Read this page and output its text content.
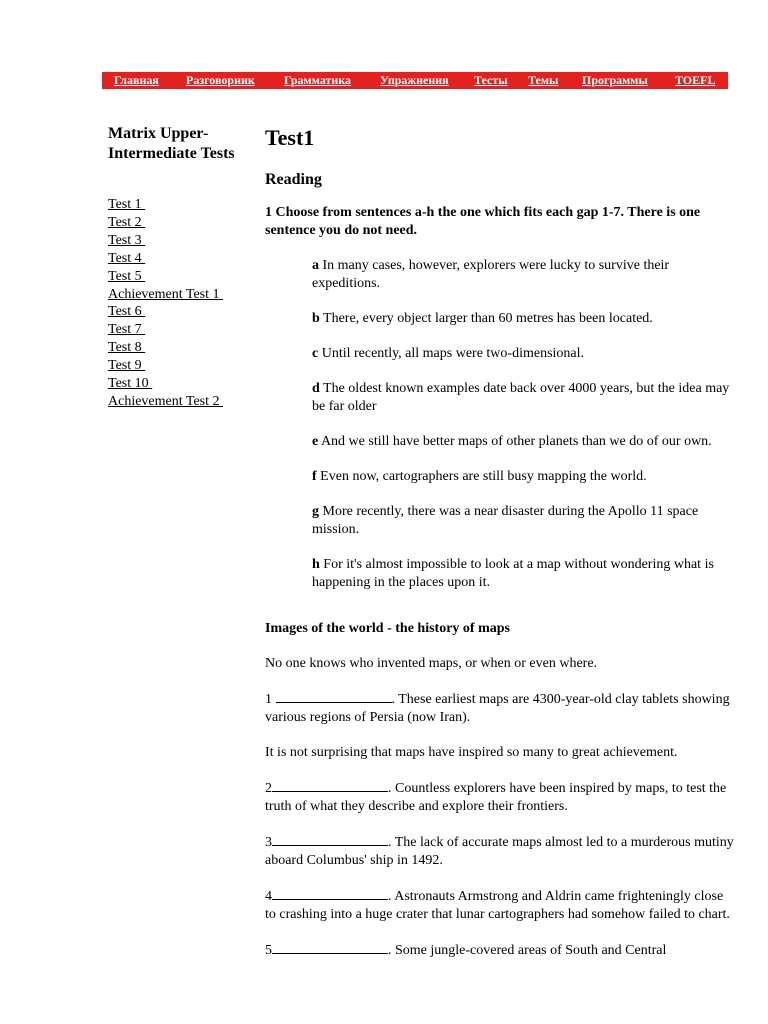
Главная Разговорник Грамматика Упражнения Тесты Темы Программы TOEFL
Matrix Upper-Intermediate Tests
Test 1
Test 2
Test 3
Test 4
Test 5
Achievement Test 1
Test 6
Test 7
Test 8
Test 9
Test 10
Achievement Test 2
Test1
Reading

1 Choose from sentences a-h the one which fits each gap 1-7. There is one sentence you do not need.

a In many cases, however, explorers were lucky to survive their expeditions.

b There, every object larger than 60 metres has been located.

c Until recently, all maps were two-dimensional.

d The oldest known examples date back over 4000 years, but the idea may be far older

e And we still have better maps of other planets than we do of our own.

f Even now, cartographers are still busy mapping the world.

g More recently, there was a near disaster during the Apollo 11 space mission.

h For it's almost impossible to look at a map without wondering what is happening in the places upon it.

Images of the world - the history of maps

No one knows who invented maps, or when or even where.

1	. These earliest maps are 4300-year-old clay tablets showing various regions of Persia (now Iran).

It is not surprising that maps have inspired so many to great achievement.

2	. Countless explorers have been inspired by maps, to test the truth of what they describe and explore their frontiers.

3	. The lack of accurate maps almost led to a murderous mutiny aboard Columbus' ship in 1492.

4	. Astronauts Armstrong and Aldrin came frighteningly close to crashing into a huge crater that lunar cartographers had somehow failed to chart.

5	. Some jungle-covered areas of South and Central
